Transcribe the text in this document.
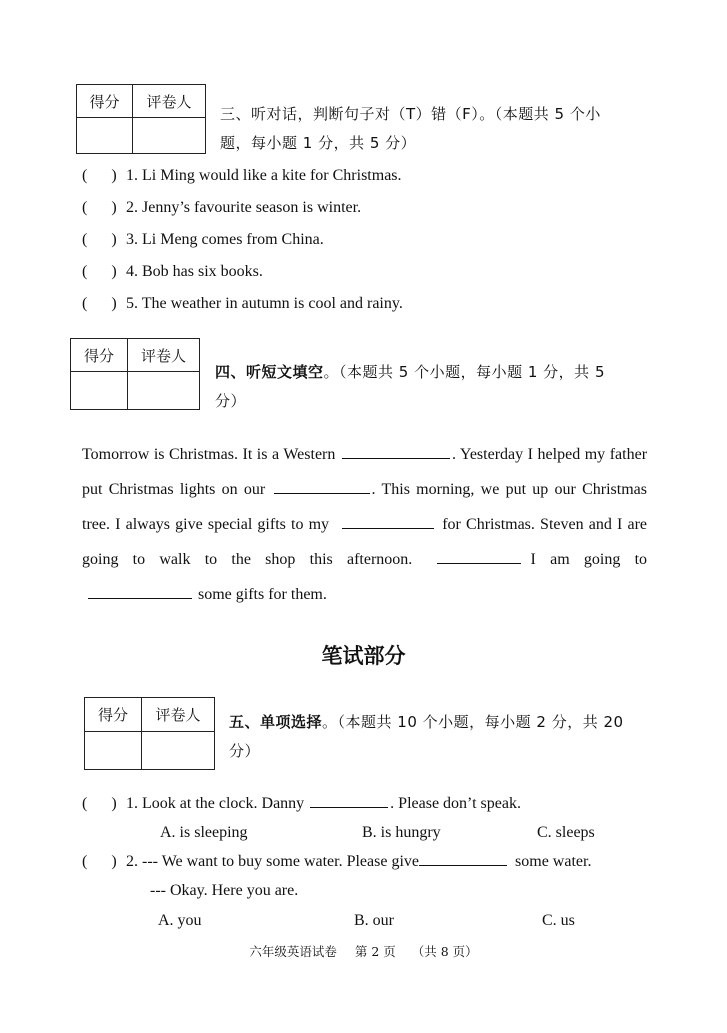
得分	评卷人
三、听对话，判断句子对（T）错（F）。（本题共 5 个小
题，每小题 1 分，共 5 分）
( ) 1. Li Ming would like a kite for Christmas.
( ) 2. Jenny’s favourite season is winter.
( ) 3. Li Meng comes from China.
( ) 4. Bob has six books.
( ) 5. The weather in autumn is cool and rainy.
得分	评卷人
四、听短文填空。（本题共 5 个小题，每小题 1 分，共 5
分）
Tomorrow is Christmas. It is a Western	. Yesterday I helped my father put Christmas lights on our	. This morning, we put up our Christmas tree. I always give special gifts to my	for Christmas. Steven and I are going to walk to the shop this afternoon.	I am going to some gifts for them.
笔试部分
得分	评卷人	五、单项选择。（本题共 10 个小题，每小题 2 分，共 20
分）
( ) 1. Look at the clock. Danny	. Please don’t speak.
A. is sleeping	B. is hungry	C. sleeps
( ) 2. --- We want to buy some water. Please give	some water.
--- Okay. Here you are.
A. you	B. our	C. us
六年级英语试卷 第 2 页 （共 8 页）
